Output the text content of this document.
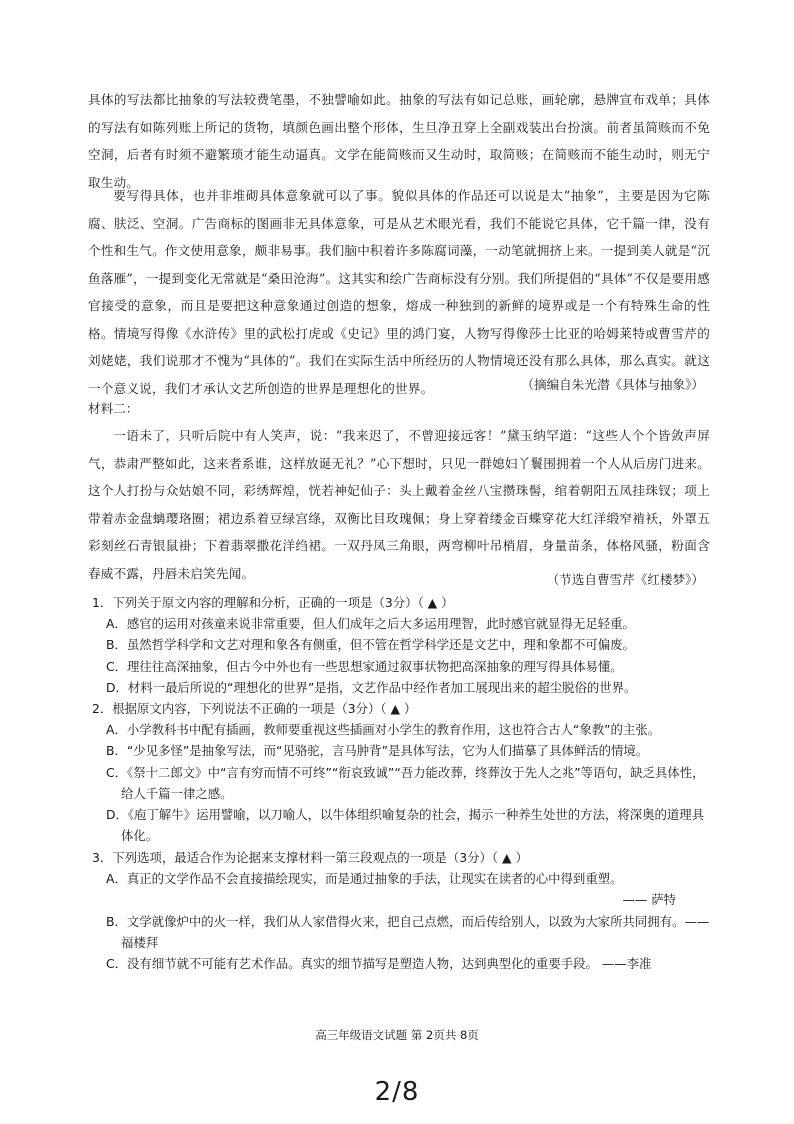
具体的写法都比抽象的写法较费笔墨，不独譬喻如此。抽象的写法有如记总账，画轮廓，悬牌宣布戏单；具体的写法有如陈列账上所记的货物，填颜色画出整个形体，生旦净丑穿上全副戏装出台扮演。前者虽简赅而不免空洞，后者有时须不避繁琐才能生动逼真。文学在能简赅而又生动时，取简赅；在简赅而不能生动时，则无宁取生动。

要写得具体，也并非堆砌具体意象就可以了事。貌似具体的作品还可以说是太“抽象”，主要是因为它陈腐、肤泛、空洞。广告商标的图画非无具体意象，可是从艺术眼光看，我们不能说它具体，它千篇一律，没有个性和生气。作文使用意象，颇非易事。我们脑中积着许多陈腐词藻，一动笔就拥挤上来。一提到美人就是“沉鱼落雁”，一提到变化无常就是“桑田沧海”。这其实和绘广告商标没有分别。我们所提倡的“具体”不仅是要用感官接受的意象，而且是要把这种意象通过创造的想象，熔成一种独到的新鲜的境界或是一个有特殊生命的性格。情境写得像《水浒传》里的武松打虎或《史记》里的鸿门宴，人物写得像莎士比亚的哈姆莱特或曹雪芹的刘姥姥，我们说那才不愧为“具体的”。我们在实际生活中所经历的人物情境还没有那么具体，那么真实。就这一个意义说，我们才承认文艺所创造的世界是理想化的世界。	（摘编自朱光潜《具体与抽象》）

材料二：

一语未了，只听后院中有人笑声，说：“我来迟了，不曾迎接远客！”黛玉纳罕道：“这些人个个皆敛声屏气，恭肃严整如此，这来者系谁，这样放诞无礼？”心下想时，只见一群媳妇丫鬟围拥着一个人从后房门进来。这个人打扮与众姑娘不同，彩绣辉煌，恍若神妃仙子：头上戴着金丝八宝攒珠髻，绾着朝阳五凤挂珠钗；项上带着赤金盘螭璎珞圈；裙边系着豆绿宫绦，双衡比目玫瑰佩；身上穿着缕金百蝶穿花大红洋缎窄褃袄，外罩五彩刻丝石青银鼠褂；下着翡翠撒花洋绉裙。一双丹凤三角眼，两弯柳叶吊梢眉，身量苗条，体格风骚，粉面含春威不露，丹唇未启笑先闻。	（节选自曹雪芹《红楼梦》）

1．下列关于原文内容的理解和分析，正确的一项是（3分）（ ▲ ）
A．感官的运用对孩童来说非常重要，但人们成年之后大多运用理智，此时感官就显得无足轻重。
B．虽然哲学科学和文艺对理和象各有侧重，但不管在哲学科学还是文艺中，理和象都不可偏废。
C．理往往高深抽象，但古今中外也有一些思想家通过叙事状物把高深抽象的理写得具体易懂。
D．材料一最后所说的“理想化的世界”是指，文艺作品中经作者加工展现出来的超尘脱俗的世界。
2．根据原文内容，下列说法不正确的一项是（3分）（ ▲ ）
A．小学教科书中配有插画，教师要重视这些插画对小学生的教育作用，这也符合古人“象教”的主张。
B．“少见多怪”是抽象写法，而“见骆驼，言马肿背”是具体写法，它为人们描摹了具体鲜活的情境。
C．《祭十二郎文》中“言有穷而情不可终”“衔哀致诚”“吾力能改葬，终葬汝于先人之兆”等语句，缺乏具体性，给人千篇一律之感。
D．《庖丁解牛》运用譬喻，以刀喻人，以牛体组织喻复杂的社会，揭示一种养生处世的方法，将深奥的道理具体化。
3．下列选项，最适合作为论据来支撑材料一第三段观点的一项是（3分）（ ▲ ）
A．真正的文学作品不会直接描绘现实，而是通过抽象的手法，让现实在读者的心中得到重塑。
—— 萨特
B．文学就像炉中的火一样，我们从人家借得火来，把自己点燃，而后传给别人，以致为大家所共同拥有。——福楼拜
C．没有细节就不可能有艺术作品。真实的细节描写是塑造人物，达到典型化的重要手段。 ——李准
高三年级语文试题 第 2页共 8页
2/8
